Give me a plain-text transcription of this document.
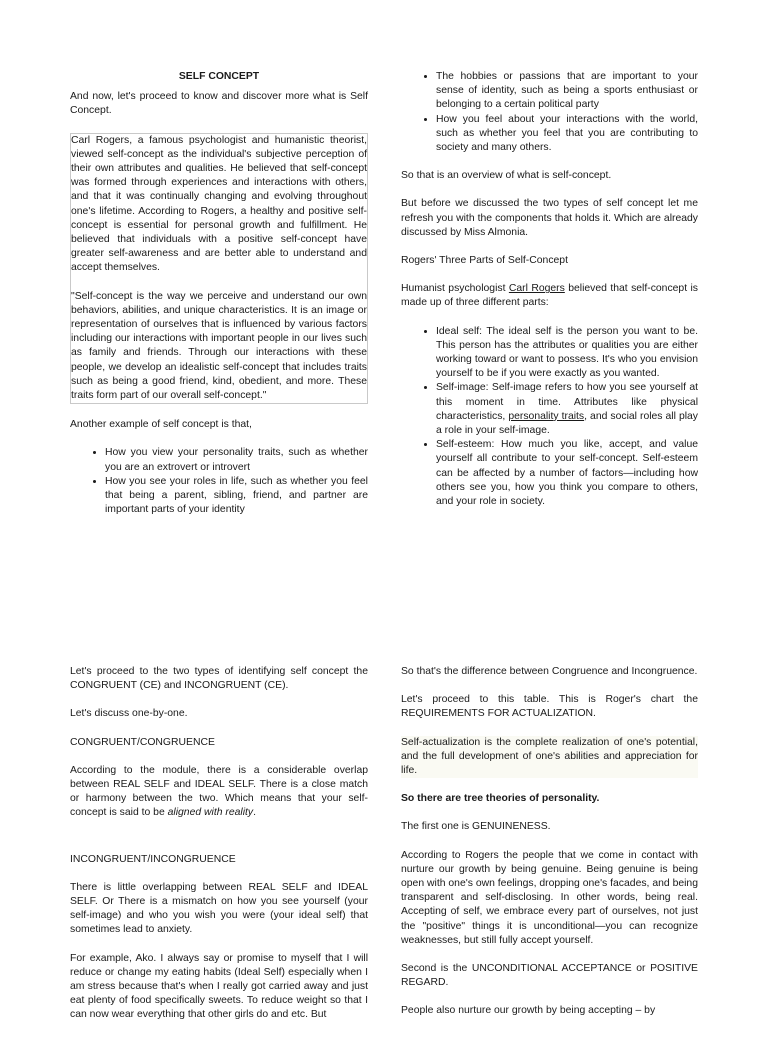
SELF CONCEPT

And now, let's proceed to know and discover more what is Self Concept.

Carl Rogers, a famous psychologist and humanistic theorist, viewed self-concept as the individual's subjective perception of their own attributes and qualities. He believed that self-concept was formed through experiences and interactions with others, and that it was continually changing and evolving throughout one's lifetime. According to Rogers, a healthy and positive self-concept is essential for personal growth and fulfillment. He believed that individuals with a positive self-concept have greater self-awareness and are better able to understand and accept themselves.

"Self-concept is the way we perceive and understand our own behaviors, abilities, and unique characteristics. It is an image or representation of ourselves that is influenced by various factors including our interactions with important people in our lives such as family and friends. Through our interactions with these people, we develop an idealistic self-concept that includes traits such as being a good friend, kind, obedient, and more. These traits form part of our overall self-concept."

Another example of self concept is that,

• How you view your personality traits, such as whether you are an extrovert or introvert
• How you see your roles in life, such as whether you feel that being a parent, sibling, friend, and partner are important parts of your identity
• The hobbies or passions that are important to your sense of identity, such as being a sports enthusiast or belonging to a certain political party
• How you feel about your interactions with the world, such as whether you feel that you are contributing to society and many others.

So that is an overview of what is self-concept.

But before we discussed the two types of self concept let me refresh you with the components that holds it. Which are already discussed by Miss Almonia.

Rogers' Three Parts of Self-Concept

Humanist psychologist Carl Rogers believed that self-concept is made up of three different parts:

• Ideal self: The ideal self is the person you want to be. This person has the attributes or qualities you are either working toward or want to possess. It's who you envision yourself to be if you were exactly as you wanted.
• Self-image: Self-image refers to how you see yourself at this moment in time. Attributes like physical characteristics, personality traits, and social roles all play a role in your self-image.
• Self-esteem: How much you like, accept, and value yourself all contribute to your self-concept. Self-esteem can be affected by a number of factors—including how others see you, how you think you compare to others, and your role in society.

Let's proceed to the two types of identifying self concept the CONGRUENT (CE) and INCONGRUENT (CE).

Let's discuss one-by-one.

CONGRUENT/CONGRUENCE

According to the module, there is a considerable overlap between REAL SELF and IDEAL SELF. There is a close match or harmony between the two. Which means that your self-concept is said to be aligned with reality.

INCONGRUENT/INCONGRUENCE

There is little overlapping between REAL SELF and IDEAL SELF. Or There is a mismatch on how you see yourself (your self-image) and who you wish you were (your ideal self) that sometimes lead to anxiety.

For example, Ako. I always say or promise to myself that I will reduce or change my eating habits (Ideal Self) especially when I am stress because that's when I really got carried away and just eat plenty of food specifically sweets. To reduce weight so that I can now wear everything that other girls do and etc. But

So that's the difference between Congruence and Incongruence.

Let's proceed to this table. This is Roger's chart the REQUIREMENTS FOR ACTUALIZATION.

Self-actualization is the complete realization of one's potential, and the full development of one's abilities and appreciation for life.

So there are tree theories of personality.

The first one is GENUINENESS.

According to Rogers the people that we come in contact with nurture our growth by being genuine. Being genuine is being open with one's own feelings, dropping one's facades, and being transparent and self-disclosing. In other words, being real. Accepting of self, we embrace every part of ourselves, not just the "positive" things it is unconditional—you can recognize weaknesses, but still fully accept yourself.

Second is the UNCONDITIONAL ACCEPTANCE or POSITIVE REGARD.

People also nurture our growth by being accepting – by
